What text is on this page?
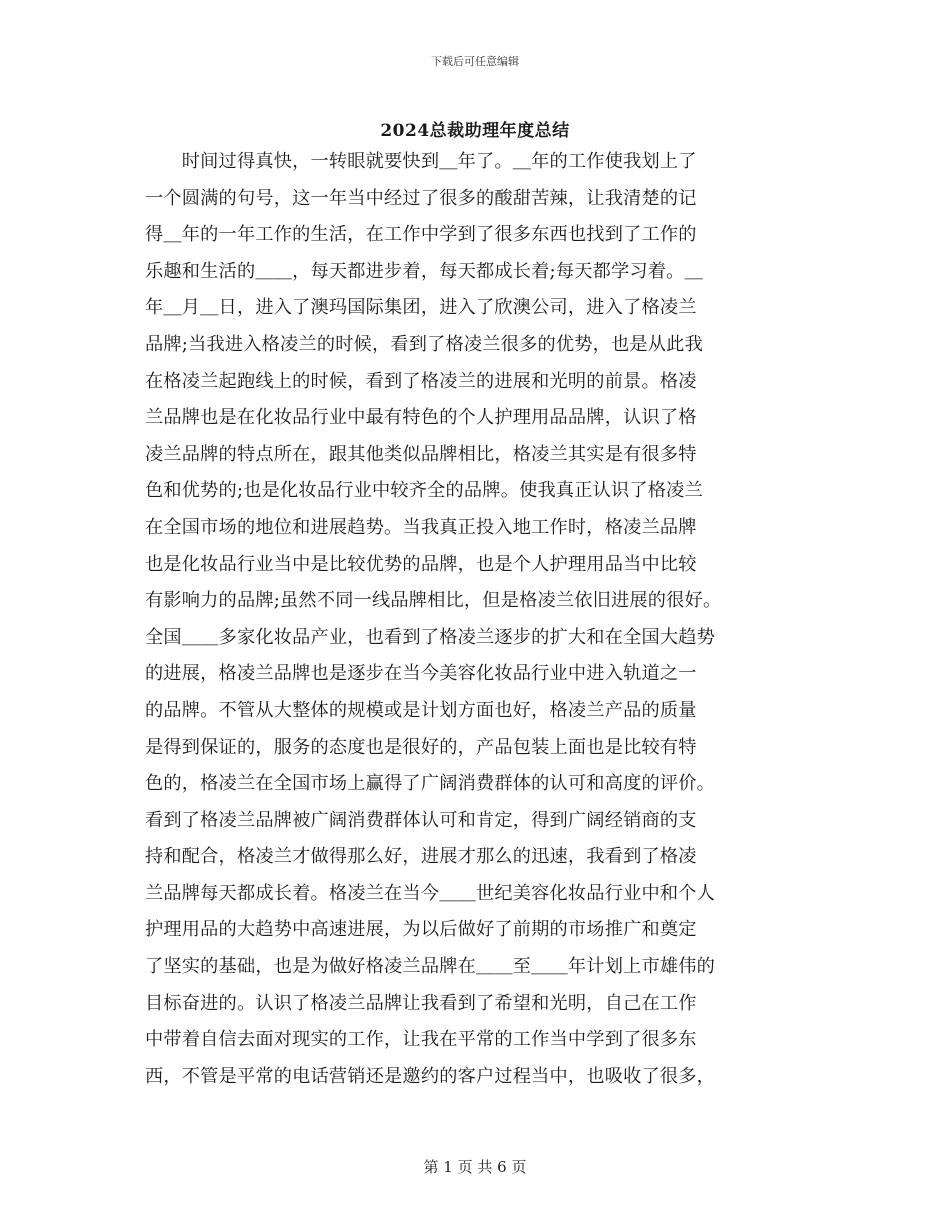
下载后可任意编辑
2024总裁助理年度总结
　　时间过得真快，一转眼就要快到＿年了。＿年的工作使我划上了
一个圆满的句号，这一年当中经过了很多的酸甜苦辣，让我清楚的记
得＿年的一年工作的生活，在工作中学到了很多东西也找到了工作的
乐趣和生活的＿＿，每天都进步着，每天都成长着;每天都学习着。＿
年＿月＿日，进入了澳玛国际集团，进入了欣澳公司，进入了格凌兰
品牌;当我进入格凌兰的时候，看到了格凌兰很多的优势，也是从此我
在格凌兰起跑线上的时候，看到了格凌兰的进展和光明的前景。格凌
兰品牌也是在化妆品行业中最有特色的个人护理用品品牌，认识了格
凌兰品牌的特点所在，跟其他类似品牌相比，格凌兰其实是有很多特
色和优势的;也是化妆品行业中较齐全的品牌。使我真正认识了格凌兰
在全国市场的地位和进展趋势。当我真正投入地工作时，格凌兰品牌
也是化妆品行业当中是比较优势的品牌，也是个人护理用品当中比较
有影响力的品牌;虽然不同一线品牌相比，但是格凌兰依旧进展的很好。
全国＿＿多家化妆品产业，也看到了格凌兰逐步的扩大和在全国大趋势
的进展，格凌兰品牌也是逐步在当今美容化妆品行业中进入轨道之一
的品牌。不管从大整体的规模或是计划方面也好，格凌兰产品的质量
是得到保证的，服务的态度也是很好的，产品包装上面也是比较有特
色的，格凌兰在全国市场上赢得了广阔消费群体的认可和高度的评价。
看到了格凌兰品牌被广阔消费群体认可和肯定，得到广阔经销商的支
持和配合，格凌兰才做得那么好，进展才那么的迅速，我看到了格凌
兰品牌每天都成长着。格凌兰在当今＿＿世纪美容化妆品行业中和个人
护理用品的大趋势中高速进展，为以后做好了前期的市场推广和奠定
了坚实的基础，也是为做好格凌兰品牌在＿＿至＿＿年计划上市雄伟的
目标奋进的。认识了格凌兰品牌让我看到了希望和光明，自己在工作
中带着自信去面对现实的工作，让我在平常的工作当中学到了很多东
西，不管是平常的电话营销还是邀约的客户过程当中，也吸收了很多，
第 1 页 共 6 页
